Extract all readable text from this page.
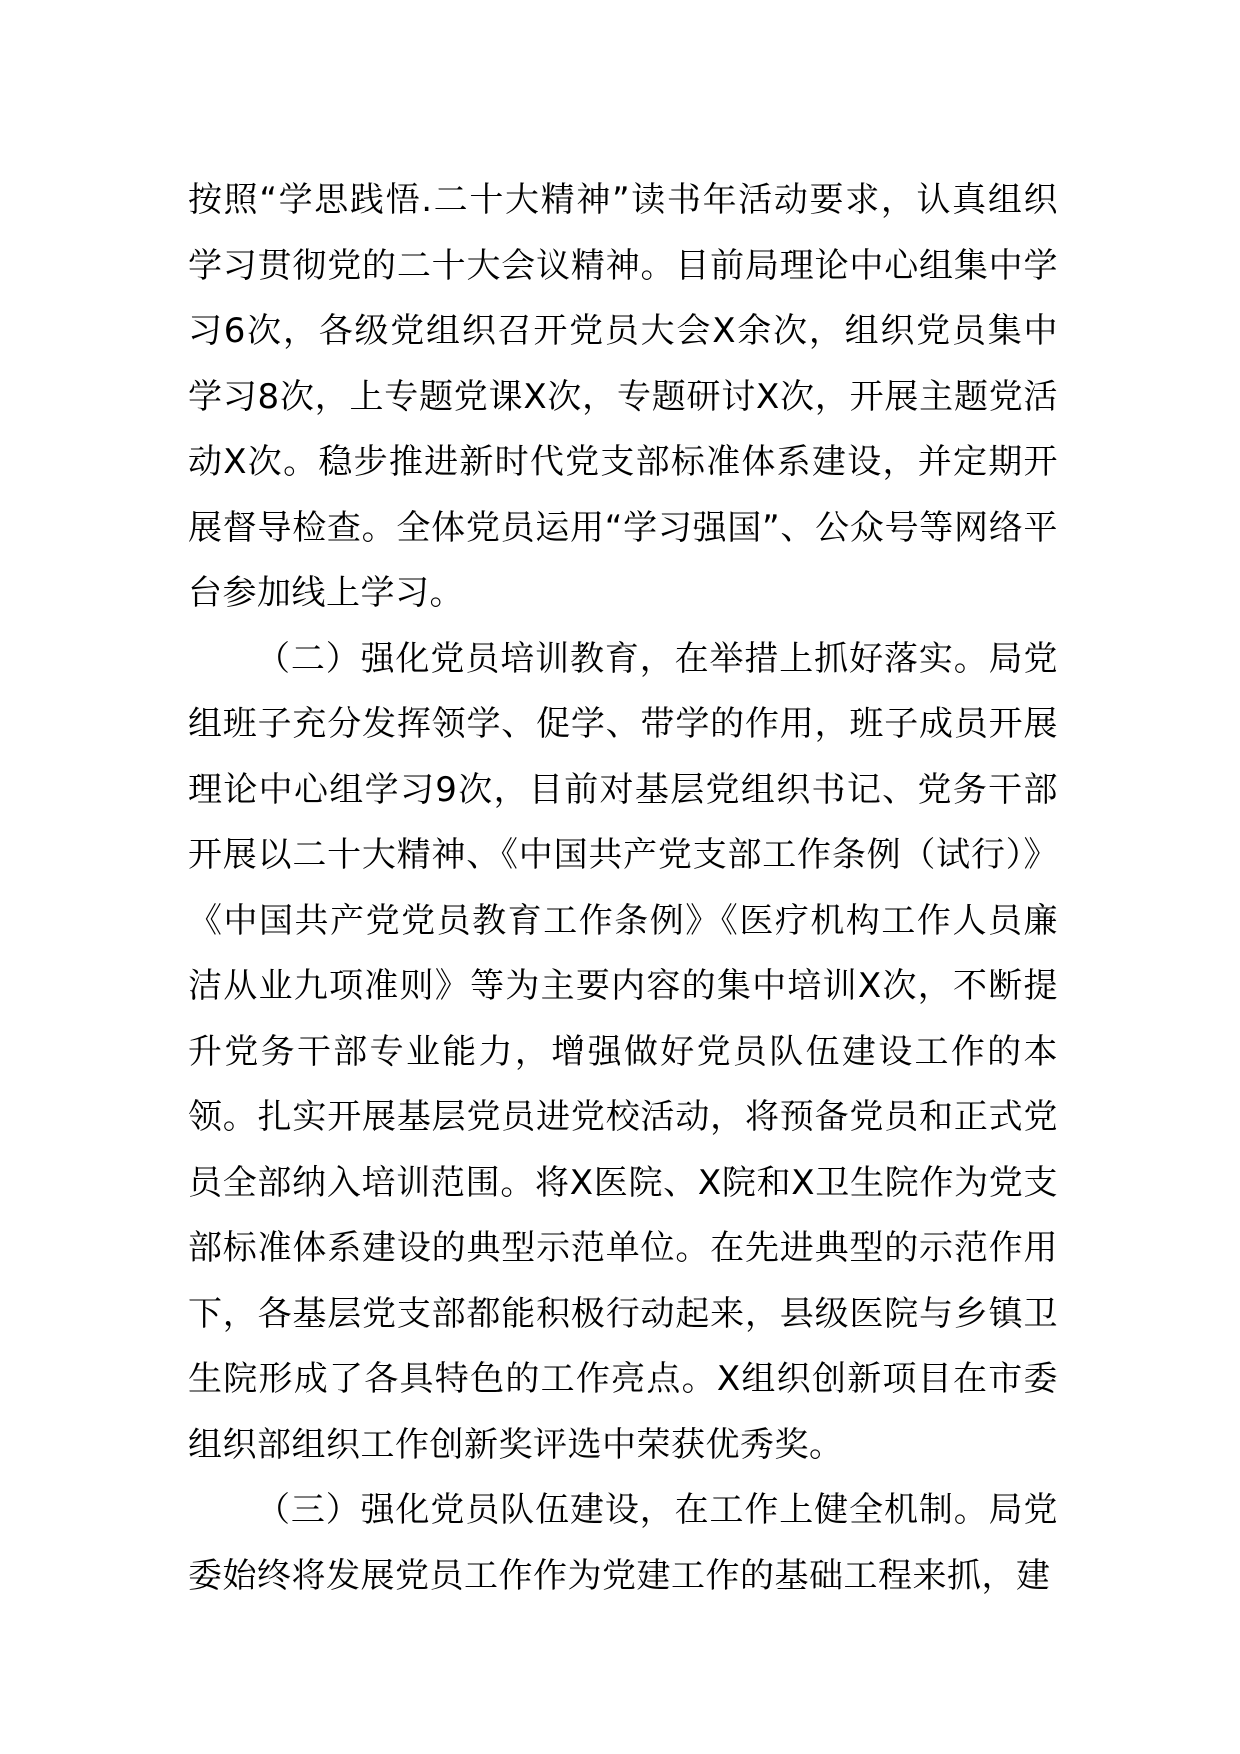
按照“学思践悟.二十大精神”读书年活动要求，认真组织学习贯彻党的二十大会议精神。目前局理论中心组集中学习6次，各级党组织召开党员大会X余次，组织党员集中学习8次，上专题党课X次，专题研讨X次，开展主题党活动X次。稳步推进新时代党支部标准体系建设，并定期开展督导检查。全体党员运用“学习强国”、公众号等网络平台参加线上学习。

（二）强化党员培训教育，在举措上抓好落实。局党组班子充分发挥领学、促学、带学的作用，班子成员开展理论中心组学习9次，目前对基层党组织书记、党务干部开展以二十大精神、《中国共产党支部工作条例（试行）》《中国共产党党员教育工作条例》《医疗机构工作人员廉洁从业九项准则》等为主要内容的集中培训X次，不断提升党务干部专业能力，增强做好党员队伍建设工作的本领。扎实开展基层党员进党校活动，将预备党员和正式党员全部纳入培训范围。将X医院、X院和X卫生院作为党支部标准体系建设的典型示范单位。在先进典型的示范作用下，各基层党支部都能积极行动起来，县级医院与乡镇卫生院形成了各具特色的工作亮点。X组织创新项目在市委组织部组织工作创新奖评选中荣获优秀奖。

（三）强化党员队伍建设，在工作上健全机制。局党委始终将发展党员工作作为党建工作的基础工程来抓，建
